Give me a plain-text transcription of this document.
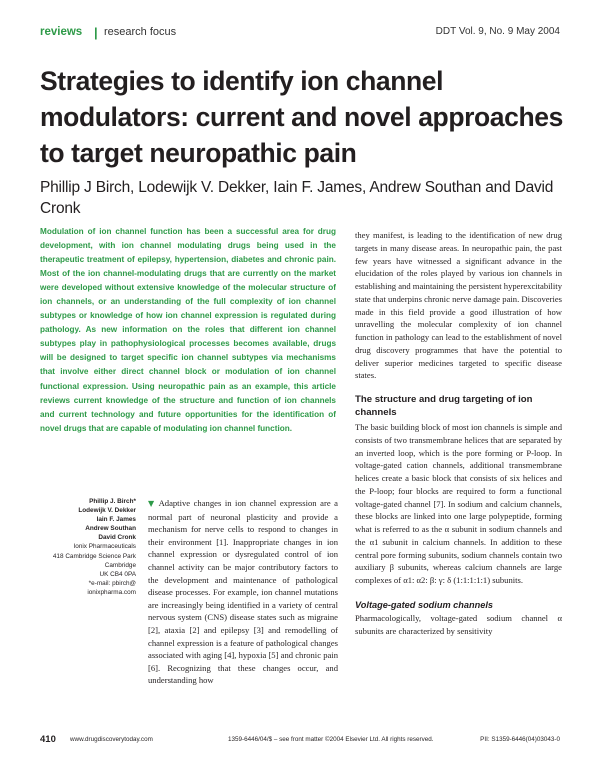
reviews | research focus	DDT Vol. 9, No. 9 May 2004
Strategies to identify ion channel modulators: current and novel approaches to target neuropathic pain
Phillip J Birch, Lodewijk V. Dekker, Iain F. James, Andrew Southan and David Cronk

Modulation of ion channel function has been a successful area for drug development, with ion channel modulating drugs being used in the therapeutic treatment of epilepsy, hypertension, diabetes and chronic pain. Most of the ion channel-modulating drugs that are currently on the market were developed without extensive knowledge of the molecular structure of ion channels, or an understanding of the full complexity of ion channel subtypes or knowledge of how ion channel expression is regulated during pathology. As new information on the roles that different ion channel subtypes play in pathophysiological processes becomes available, drugs will be designed to target specific ion channel subtypes via mechanisms that involve either direct channel block or modulation of ion channel functional expression. Using neuropathic pain as an example, this article reviews current knowledge of the structure and function of ion channels and current technology and future opportunities for the identification of novel drugs that are capable of modulating ion channel function.

Phillip J. Birch*
Lodewijk V. Dekker
Iain F. James
Andrew Southan
David Cronk
Ionix Pharmaceuticals
418 Cambridge Science Park
Cambridge
UK CB4 0PA
*e-mail: pbirch@
ionixpharma.com

▼ Adaptive changes in ion channel expression are a normal part of neuronal plasticity and provide a mechanism for nerve cells to respond to changes in their environment [1]. Inappropriate changes in ion channel expression or dysregulated control of ion channel activity can be major contributory factors to the development and maintenance of pathological disease processes. For example, ion channel mutations are increasingly being identified in a variety of central nervous system (CNS) disease states such as migraine [2], ataxia [2] and epilepsy [3] and remodelling of channel expression is a feature of pathological changes associated with aging [4], hypoxia [5] and chronic pain [6]. Recognizing that these changes occur, and understanding how

they manifest, is leading to the identification of new drug targets in many disease areas. In neuropathic pain, the past few years have witnessed a significant advance in the elucidation of the roles played by various ion channels in establishing and maintaining the persistent hyperexcitability state that underpins chronic nerve damage pain. Discoveries made in this field provide a good illustration of how unravelling the molecular complexity of ion channel function in pathology can lead to the establishment of novel drug discovery programmes that have the potential to deliver superior medicines targeted to specific disease states.

The structure and drug targeting of ion channels

The basic building block of most ion channels is simple and consists of two transmembrane helices that are separated by an inverted loop, which is the pore forming or P-loop. In voltage-gated cation channels, additional transmembrane helices create a basic block that consists of six helices and the P-loop; four blocks are required to form a functional voltage-gated channel [7]. In sodium and calcium channels, these blocks are linked into one large polypeptide, forming what is referred to as the α subunit in sodium channels and the α1 subunit in calcium channels. In addition to these central pore forming subunits, sodium channels contain two auxiliary β subunits, whereas calcium channels are large complexes of α1: α2: β: γ: δ (1:1:1:1:1) subunits.

Voltage-gated sodium channels

Pharmacologically, voltage-gated sodium channel α subunits are characterized by sensitivity

410 www.drugdiscoverytoday.com	1359-6446/04/$ – see front matter ©2004 Elsevier Ltd. All rights reserved.	PII: S1359-6446(04)03043-0
